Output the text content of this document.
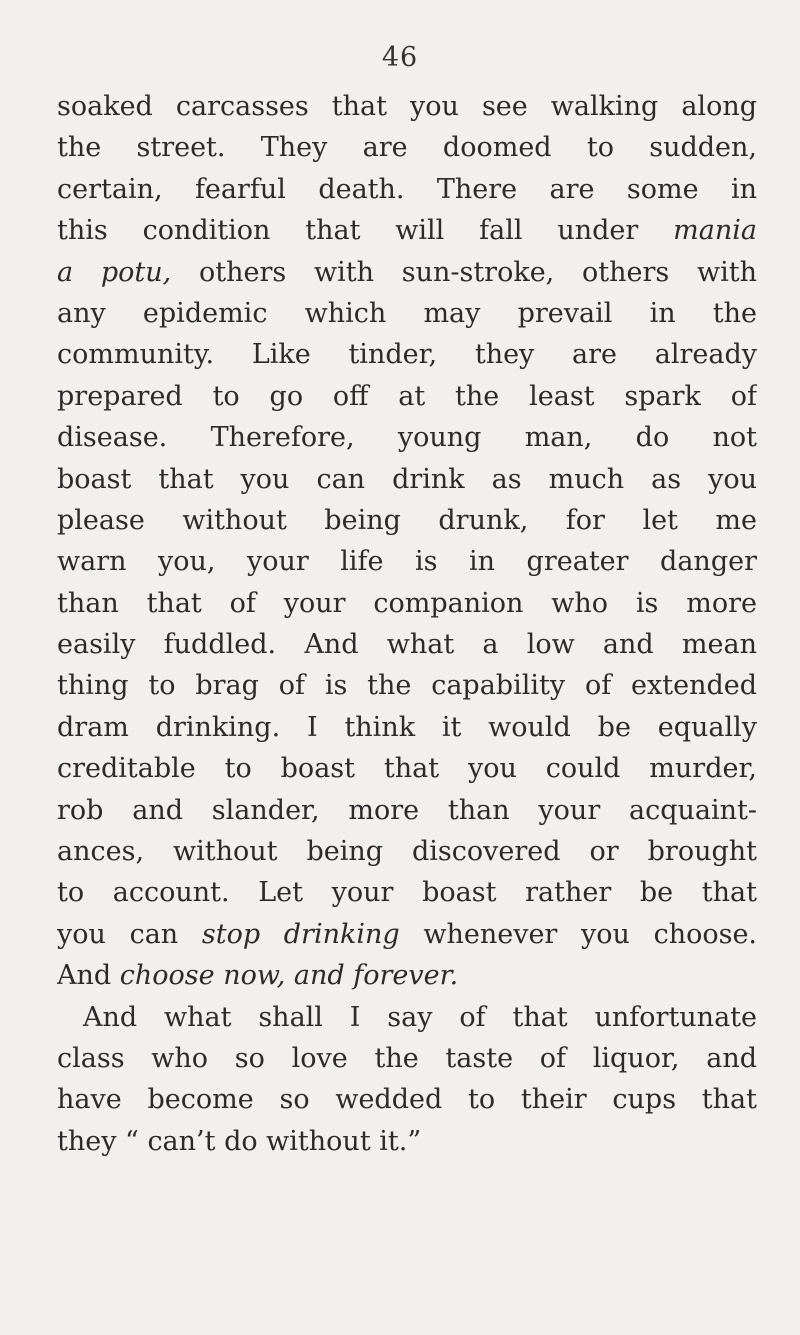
46
soaked carcasses that you see walking along
the street. They are doomed to sudden,
certain, fearful death. There are some in
this condition that will fall under mania
a potu, others with sun-stroke, others with
any epidemic which may prevail in the
community. Like tinder, they are already
prepared to go off at the least spark of
disease. Therefore, young man, do not
boast that you can drink as much as you
please without being drunk, for let me
warn you, your life is in greater danger
than that of your companion who is more
easily fuddled. And what a low and mean
thing to brag of is the capability of extended
dram drinking. I think it would be equally
creditable to boast that you could murder,
rob and slander, more than your acquaint-
ances, without being discovered or brought
to account. Let your boast rather be that
you can stop drinking whenever you choose.
And choose now, and forever.
And what shall I say of that unfortunate
class who so love the taste of liquor, and
have become so wedded to their cups that
they “ can’t do without it.”
